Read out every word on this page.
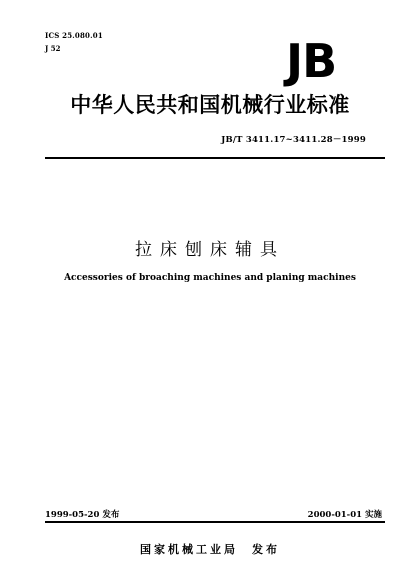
ICS 25.080.01
J 52	JB
中华人民共和国机械行业标准
JB/T 3411.17~3411.28－1999
拉床刨床辅具
Accessories of broaching machines and planing machines
1999-05-20 发布	2000-01-01 实施
国家机械工业局　发布
